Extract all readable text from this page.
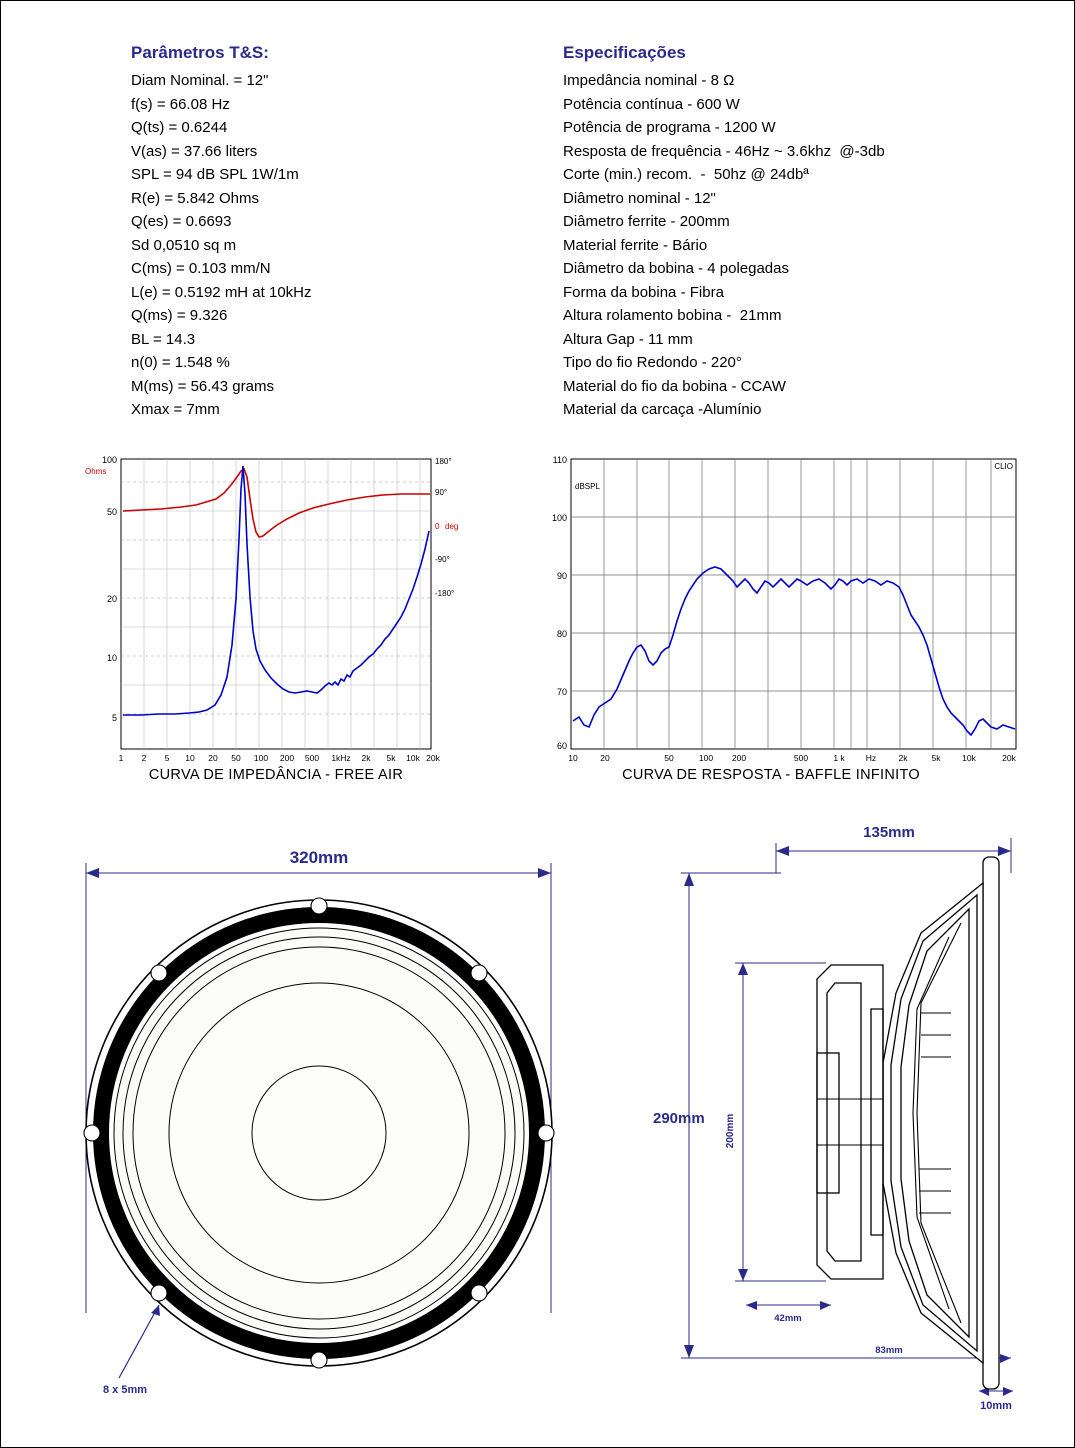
Parâmetros T&S:
Diam Nominal. = 12"
f(s) = 66.08 Hz
Q(ts) = 0.6244
V(as) = 37.66 liters
SPL = 94 dB SPL 1W/1m
R(e) = 5.842 Ohms
Q(es) = 0.6693
Sd 0,0510 sq m
C(ms) = 0.103 mm/N
L(e) = 0.5192 mH at 10kHz
Q(ms) = 9.326
BL = 14.3
n(0) = 1.548 %
M(ms) = 56.43 grams
Xmax = 7mm
Especificações
Impedância nominal - 8 Ω
Potência contínua - 600 W
Potência de programa - 1200 W
Resposta de frequência - 46Hz ~ 3.6khz  @-3db
Corte (min.) recom.  -  50hz @ 24dbª
Diâmetro nominal - 12"
Diâmetro ferrite - 200mm
Material ferrite - Bário
Diâmetro da bobina - 4 polegadas
Forma da bobina - Fibra
Altura rolamento bobina -  21mm
Altura Gap - 11 mm
Tipo do fio Redondo - 220°
Material do fio da bobina - CCAW
Material da carcaça -Alumínio
100
50
20
10
5
Ohms
180°
90°
0
-90°
-180°
deg
1 2 5 10 20 50 100 200 500 1kHz 2k 5k 10k 20k
CURVA DE IMPEDÂNCIA - FREE AIR
110
100
90
80
70
60
dBSPL
CLIO
10	20	50	100 200	500	1 k Hz	2k	5k	10k	20k
CURVA DE RESPOSTA - BAFFLE INFINITO
320mm
8 x 5mm
135mm
290mm 200mm
42mm
83mm
10mm
